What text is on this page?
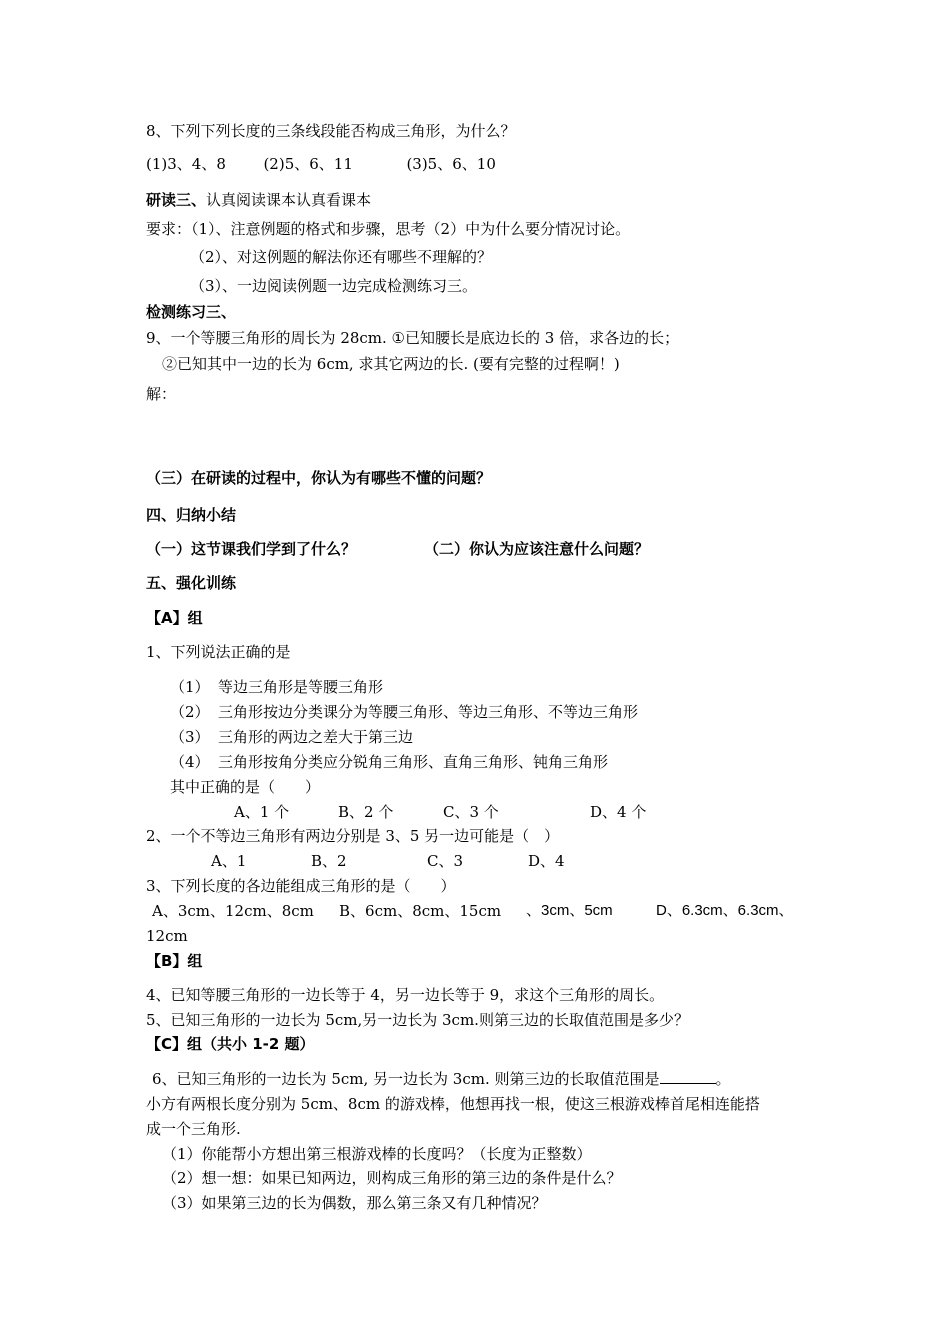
8、下列下列长度的三条线段能否构成三角形，为什么？
(1)3、4、8	(2)5、6、11	(3)5、6、10
研读三、认真阅读课本认真看课本
要求：（1）、注意例题的格式和步骤，思考（2）中为什么要分情况讨论。
（2）、对这例题的解法你还有哪些不理解的？
（3）、一边阅读例题一边完成检测练习三。
检测练习三、
9、一个等腰三角形的周长为 28cm. ①已知腰长是底边长的 3 倍，求各边的长；
②已知其中一边的长为 6cm, 求其它两边的长. (要有完整的过程啊！)
解：
（三）在研读的过程中，你认为有哪些不懂的问题？
四、归纳小结
（一）这节课我们学到了什么？	（二）你认为应该注意什么问题？
五、强化训练
【A】组
1、下列说法正确的是
（1） 等边三角形是等腰三角形
（2） 三角形按边分类课分为等腰三角形、等边三角形、不等边三角形
（3） 三角形的两边之差大于第三边
（4） 三角形按角分类应分锐角三角形、直角三角形、钝角三角形
其中正确的是（　　）
A、1 个	B、2 个	C、3 个	D、4 个
2、一个不等边三角形有两边分别是 3、5 另一边可能是（　）
A、1	B、2	C、3	D、4
3、下列长度的各边能组成三角形的是（　　）
A、3cm、12cm、8cm B、6cm、8cm、15cm 、3cm、5cm	D、6.3cm、6.3cm、
12cm
【B】组
4、已知等腰三角形的一边长等于 4，另一边长等于 9，求这个三角形的周长。
5、已知三角形的一边长为 5cm,另一边长为 3cm.则第三边的长取值范围是多少？
【C】组（共小 1-2 题）
6、已知三角形的一边长为 5cm, 另一边长为 3cm. 则第三边的长取值范围是	。
小方有两根长度分别为 5cm、8cm 的游戏棒，他想再找一根，使这三根游戏棒首尾相连能搭
成一个三角形.
（1）你能帮小方想出第三根游戏棒的长度吗？（长度为正整数）
（2）想一想：如果已知两边，则构成三角形的第三边的条件是什么？
（3）如果第三边的长为偶数，那么第三条又有几种情况？
